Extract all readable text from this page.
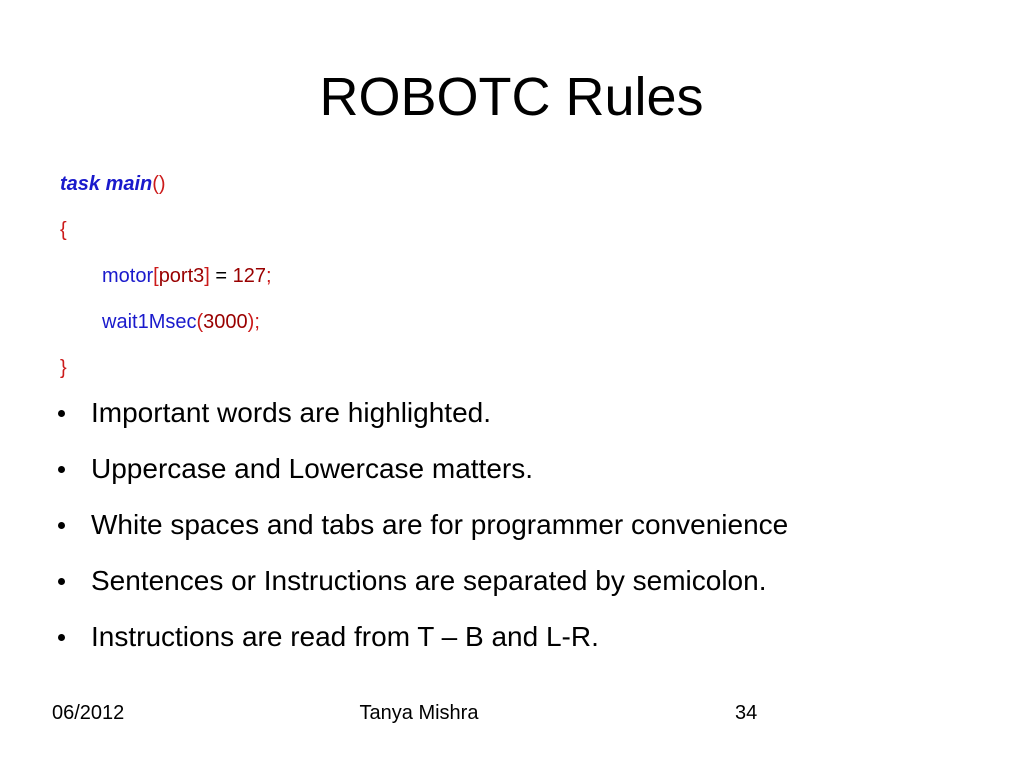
ROBOTC Rules
task main()
{
motor[port3] = 127;
wait1Msec(3000);
}
Important words are highlighted.
Uppercase and Lowercase matters.
White spaces and tabs are for programmer convenience
Sentences or Instructions are separated by semicolon.
Instructions are read from T – B and L-R.
06/2012	Tanya Mishra	34
